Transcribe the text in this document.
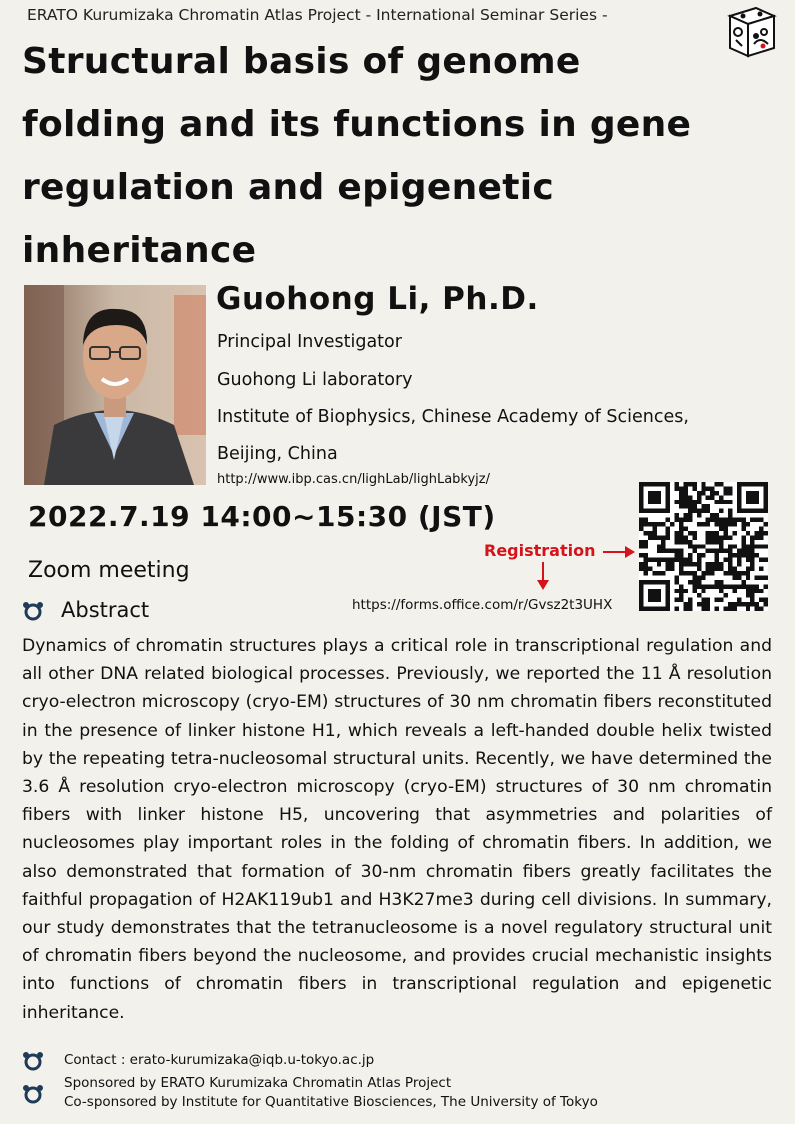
ERATO Kurumizaka Chromatin Atlas Project - International Seminar Series -
Structural basis of genome
folding and its functions in gene
regulation and epigenetic
inheritance
Guohong Li, Ph.D.
Principal Investigator
Guohong Li laboratory
Institute of Biophysics, Chinese Academy of Sciences,
Beijing, China
http://www.ibp.cas.cn/lighLab/lighLabkyjz/
2022.7.19 14:00~15:30 (JST)
Zoom meeting
Registration
https://forms.office.com/r/Gvsz2t3UHX
Abstract
Dynamics of chromatin structures plays a critical role in transcriptional regulation and all other DNA related biological processes. Previously, we reported the 11 Å resolution cryo-electron microscopy (cryo-EM) structures of 30 nm chromatin fibers reconstituted in the presence of linker histone H1, which reveals a left-handed double helix twisted by the repeating tetra-nucleosomal structural units. Recently, we have determined the 3.6 Å resolution cryo-electron microscopy (cryo-EM) structures of 30 nm chromatin fibers with linker histone H5, uncovering that asymmetries and polarities of nucleosomes play important roles in the folding of chromatin fibers. In addition, we also demonstrated that formation of 30-nm chromatin fibers greatly facilitates the faithful propagation of H2AK119ub1 and H3K27me3 during cell divisions. In summary, our study demonstrates that the tetranucleosome is a novel regulatory structural unit of chromatin fibers beyond the nucleosome, and provides crucial mechanistic insights into functions of chromatin fibers in transcriptional regulation and epigenetic inheritance.
Contact : erato-kurumizaka@iqb.u-tokyo.ac.jp
Sponsored by ERATO Kurumizaka Chromatin Atlas Project
Co-sponsored by Institute for Quantitative Biosciences, The University of Tokyo
